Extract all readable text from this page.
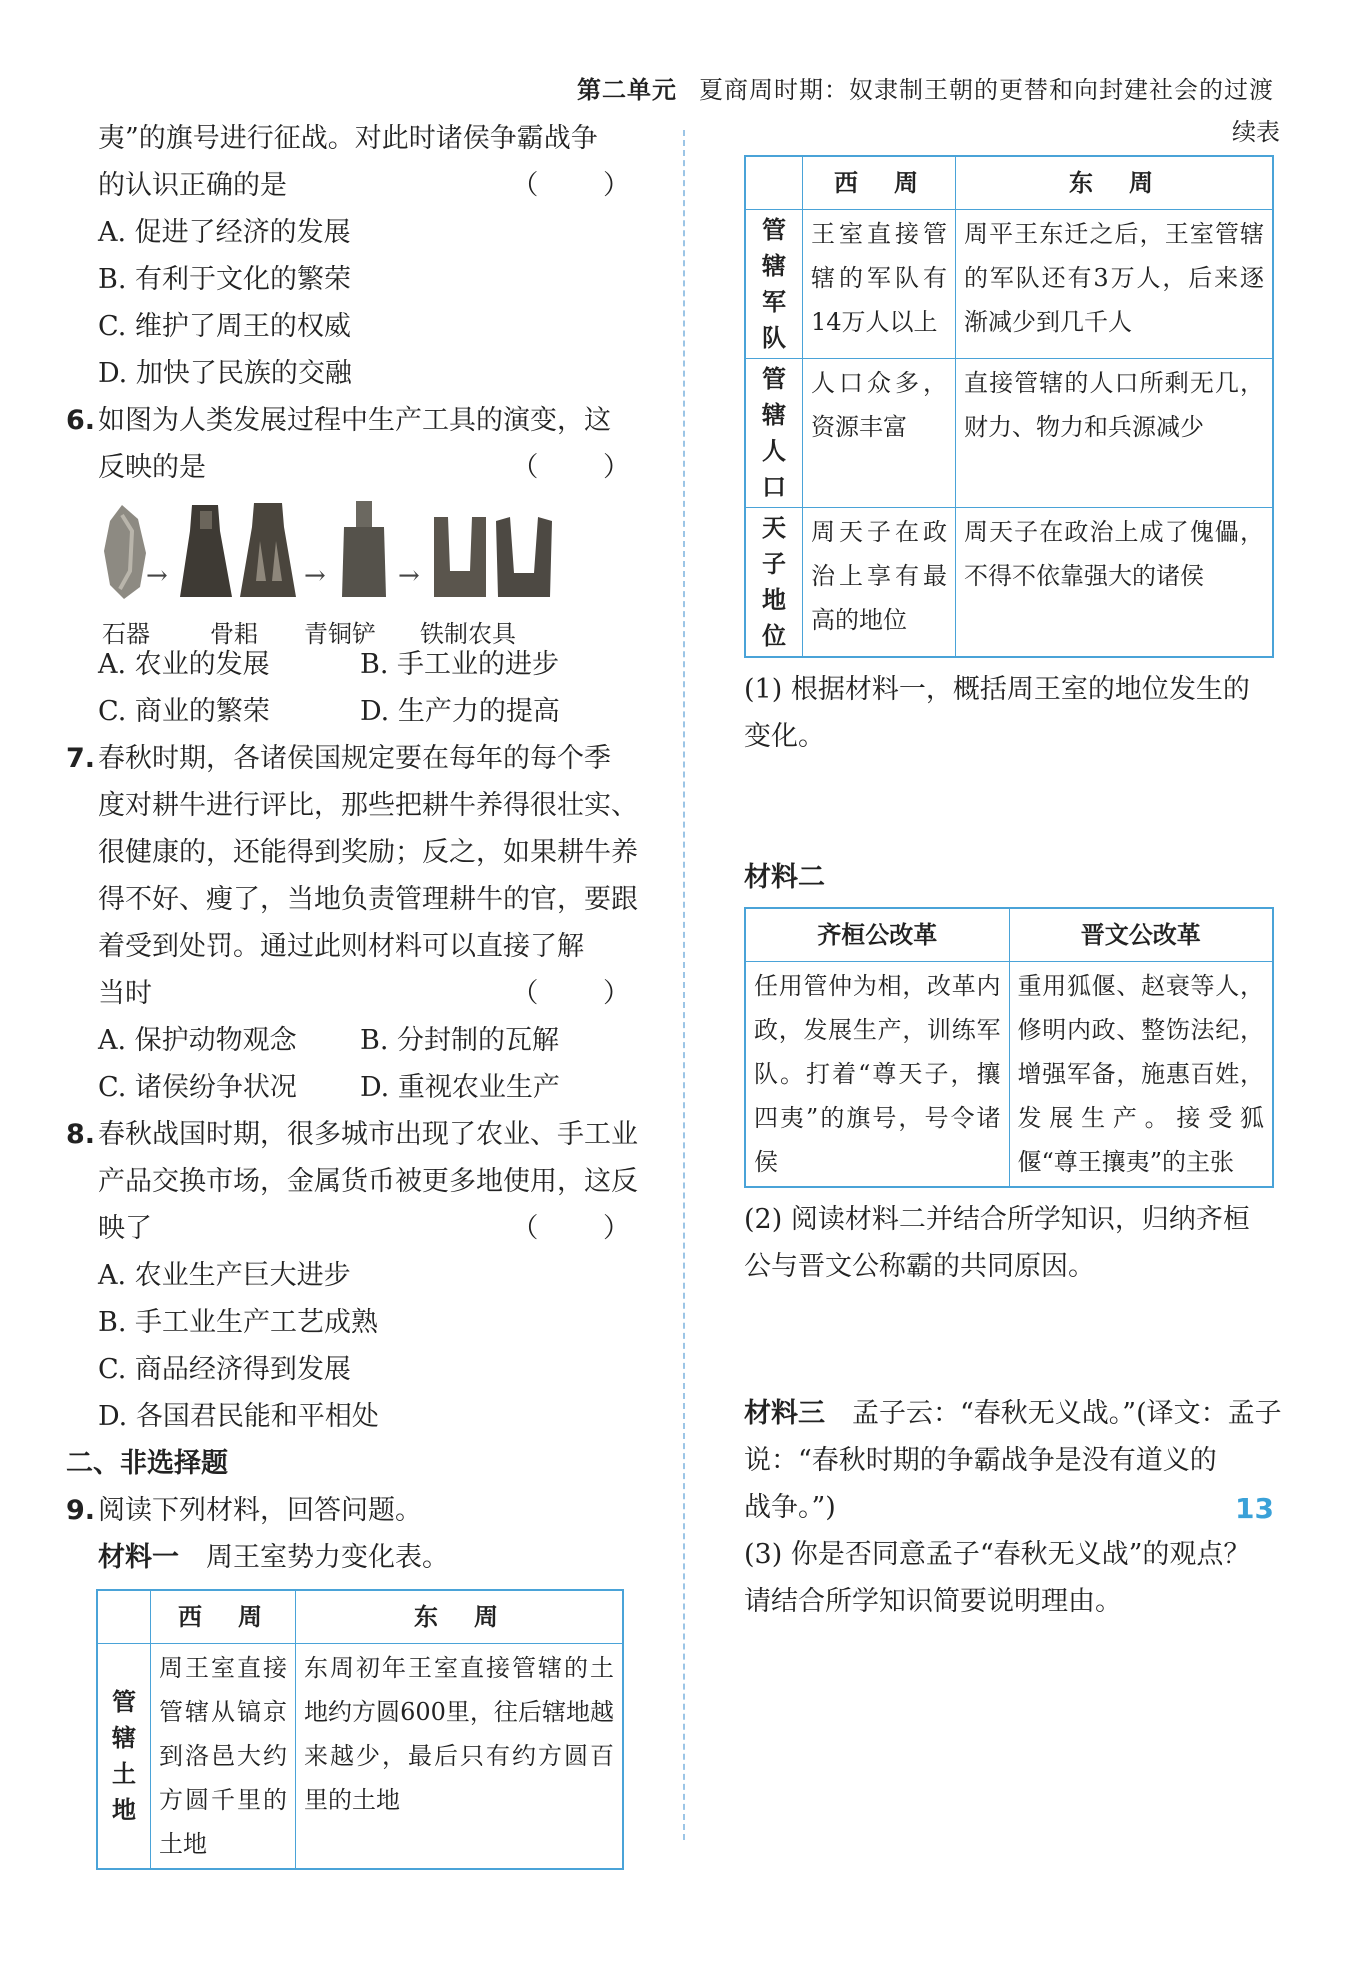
第二单元 夏商周时期：奴隶制王朝的更替和向封建社会的过渡
夷”的旗号进行征战。对此时诸侯争霸战争
的认识正确的是	（ ）
A. 促进了经济的发展
B. 有利于文化的繁荣
C. 维护了周王的权威
D. 加快了民族的交融
6. 如图为人类发展过程中生产工具的演变，这
反映的是	（ ）
→	→	→
石器	骨耜 青铜铲 铁制农具
A. 农业的发展	B. 手工业的进步
C. 商业的繁荣	D. 生产力的提高
7. 春秋时期，各诸侯国规定要在每年的每个季
度对耕牛进行评比，那些把耕牛养得很壮实、
很健康的，还能得到奖励；反之，如果耕牛养
得不好、瘦了，当地负责管理耕牛的官，要跟
着受到处罚。通过此则材料可以直接了解
当时	（ ）
A. 保护动物观念	B. 分封制的瓦解
C. 诸侯纷争状况	D. 重视农业生产
8. 春秋战国时期，很多城市出现了农业、手工业
产品交换市场，金属货币被更多地使用，这反
映了	（ ）
A. 农业生产巨大进步
B. 手工业生产工艺成熟
C. 商品经济得到发展
D. 各国君民能和平相处
二、非选择题
9. 阅读下列材料，回答问题。
材料一　 周王室势力变化表。
	西　周	东　周
管辖
土地	周王室直接管辖从镐京到洛邑大约方圆千里的土地	东周初年王室直接管辖的土地约方圆600里，往后辖地越来越少，最后只有约方圆百里的土地
续表
	西　周	东　周
管辖
军队	王室直接管辖的军队有14万人以上	周平王东迁之后，王室管辖的军队还有3万人，后来逐渐减少到几千人
管辖
人口	人口众多，资源丰富	直接管辖的人口所剩无几，财力、物力和兵源减少
天子
地位	周天子在政治上享有最高的地位	周天子在政治上成了傀儡，不得不依靠强大的诸侯
(1) 根据材料一，概括周王室的地位发生的
变化。
材料二
齐桓公改革	晋文公改革
任用管仲为相，改革内政，发展生产，训练军队。打着“尊天子，攘四夷”的旗号，号令诸侯	重用狐偃、赵衰等人，修明内政、整饬法纪，增强军备，施惠百姓，发展生产。接受狐偃“尊王攘夷”的主张
(2) 阅读材料二并结合所学知识，归纳齐桓
公与晋文公称霸的共同原因。
材料三　 孟子云：“春秋无义战。”(译文：孟子
说：“春秋时期的争霸战争是没有道义的
战争。”)
(3) 你是否同意孟子“春秋无义战”的观点？
请结合所学知识简要说明理由。
13
